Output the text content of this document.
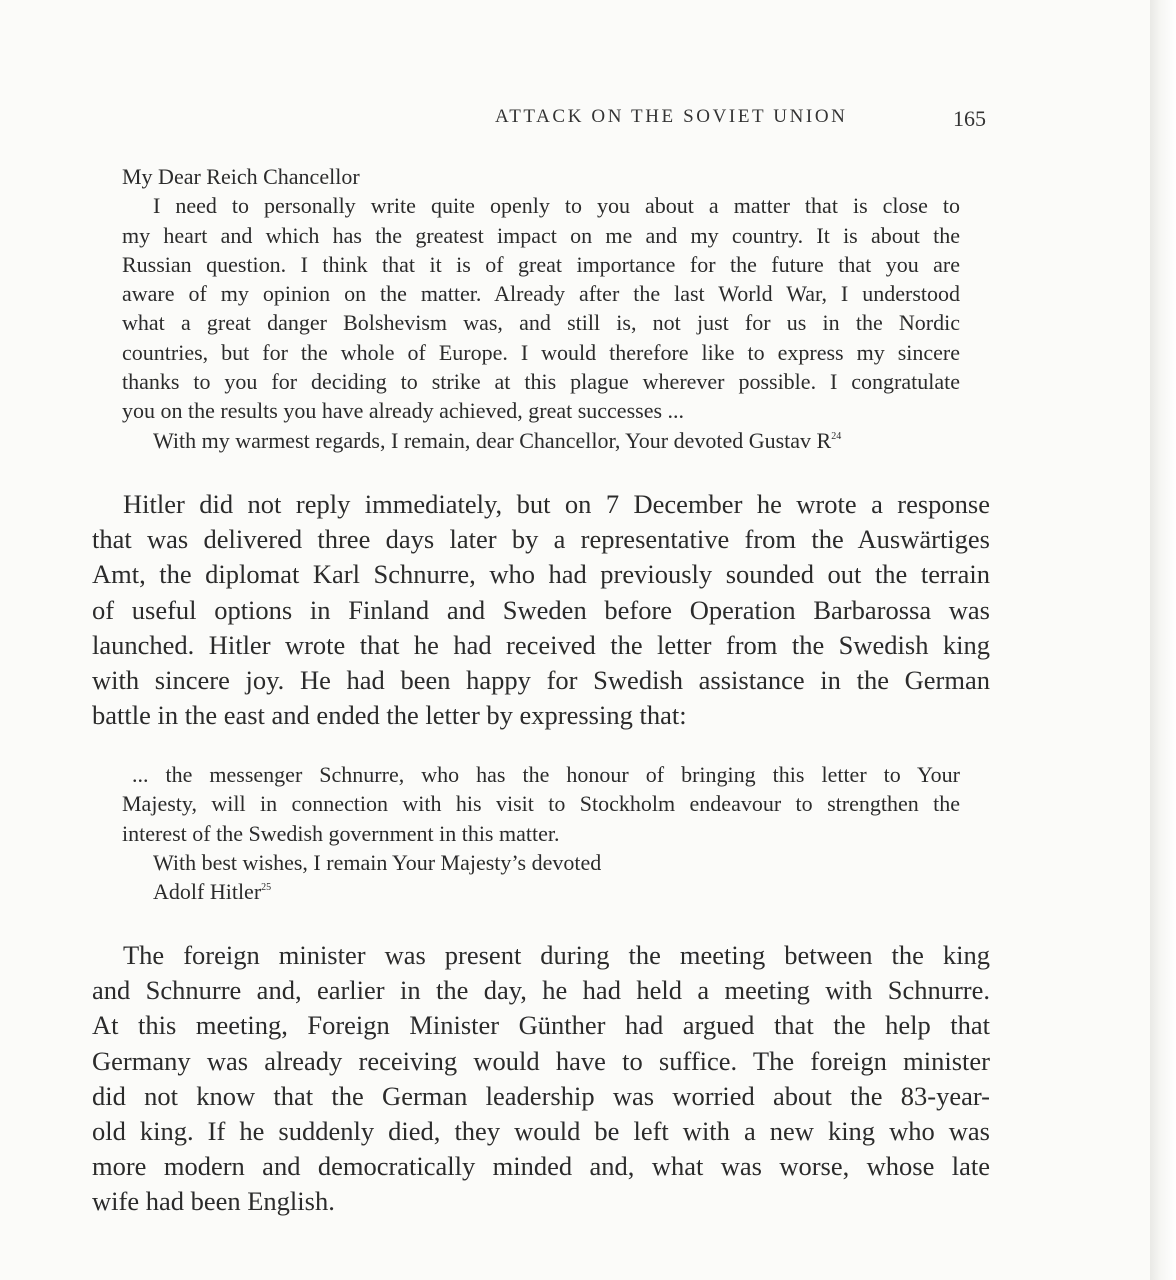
ATTACK ON THE SOVIET UNION	165
My Dear Reich Chancellor
I need to personally write quite openly to you about a matter that is close to
my heart and which has the greatest impact on me and my country. It is about the
Russian question. I think that it is of great importance for the future that you are
aware of my opinion on the matter. Already after the last World War, I understood
what a great danger Bolshevism was, and still is, not just for us in the Nordic
countries, but for the whole of Europe. I would therefore like to express my sincere
thanks to you for deciding to strike at this plague wherever possible. I congratulate
you on the results you have already achieved, great successes ...
With my warmest regards, I remain, dear Chancellor, Your devoted Gustav $R^{24}$
Hitler did not reply immediately, but on 7 December he wrote a response
that was delivered three days later by a representative from the Auswärtiges
Amt, the diplomat Karl Schnurre, who had previously sounded out the terrain
of useful options in Finland and Sweden before Operation Barbarossa was
launched. Hitler wrote that he had received the letter from the Swedish king
with sincere joy. He had been happy for Swedish assistance in the German
battle in the east and ended the letter by expressing that:
... the messenger Schnurre, who has the honour of bringing this letter to Your
Majesty, will in connection with his visit to Stockholm endeavour to strengthen the
interest of the Swedish government in this matter.
With best wishes, I remain Your Majesty’s devoted
Adolf Hitler$^{25}$
The foreign minister was present during the meeting between the king
and Schnurre and, earlier in the day, he had held a meeting with Schnurre.
At this meeting, Foreign Minister Günther had argued that the help that
Germany was already receiving would have to suffice. The foreign minister
did not know that the German leadership was worried about the 83-year-
old king. If he suddenly died, they would be left with a new king who was
more modern and democratically minded and, what was worse, whose late
wife had been English.
